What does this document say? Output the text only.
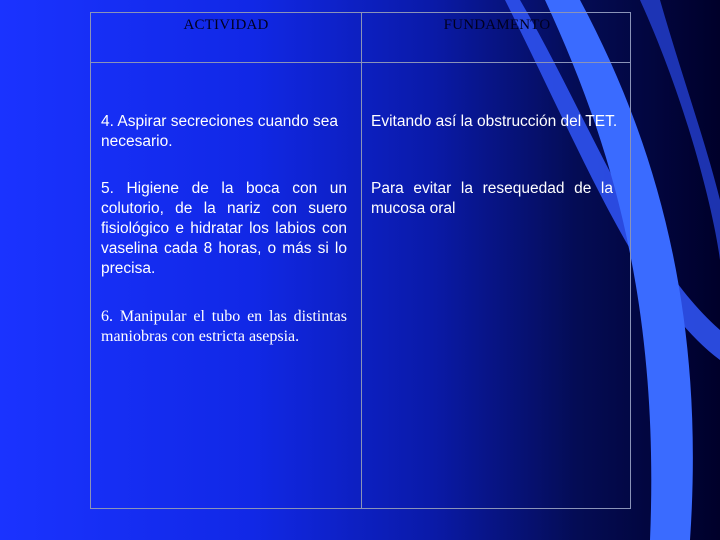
ACTIVIDAD	FUNDAMENTO
4. Aspirar secreciones cuando sea necesario.
Evitando así la obstrucción del TET.
5. Higiene de la boca con un colutorio, de la nariz con suero fisiológico e hidratar los labios con vaselina cada 8 horas, o más si lo precisa.
Para evitar la resequedad de la mucosa oral
6. Manipular el tubo en las distintas maniobras con estricta asepsia.
